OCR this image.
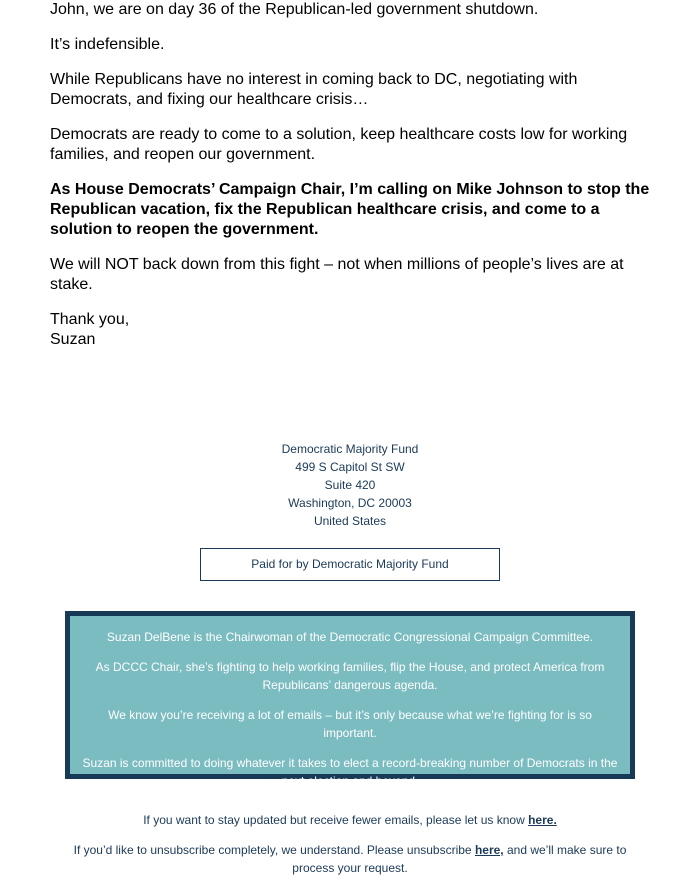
John, we are on day 36 of the Republican-led government shutdown.

It’s indefensible.

While Republicans have no interest in coming back to DC, negotiating with Democrats, and fixing our healthcare crisis…

Democrats are ready to come to a solution, keep healthcare costs low for working families, and reopen our government.

As House Democrats’ Campaign Chair, I’m calling on Mike Johnson to stop the Republican vacation, fix the Republican healthcare crisis, and come to a solution to reopen the government.

We will NOT back down from this fight – not when millions of people’s lives are at stake.

Thank you,
Suzan

Democratic Majority Fund
499 S Capitol St SW
Suite 420
Washington, DC 20003
United States
Paid for by Democratic Majority Fund

Suzan DelBene is the Chairwoman of the Democratic Congressional Campaign Committee.

As DCCC Chair, she’s fighting to help working families, flip the House, and protect America from Republicans’ dangerous agenda.

We know you’re receiving a lot of emails – but it’s only because what we’re fighting for is so important.

Suzan is committed to doing whatever it takes to elect a record-breaking number of Democrats in the next election and beyond.

If you want to stay updated but receive fewer emails, please let us know here.
If you’d like to unsubscribe completely, we understand. Please unsubscribe here, and we’ll make sure to process your request.
